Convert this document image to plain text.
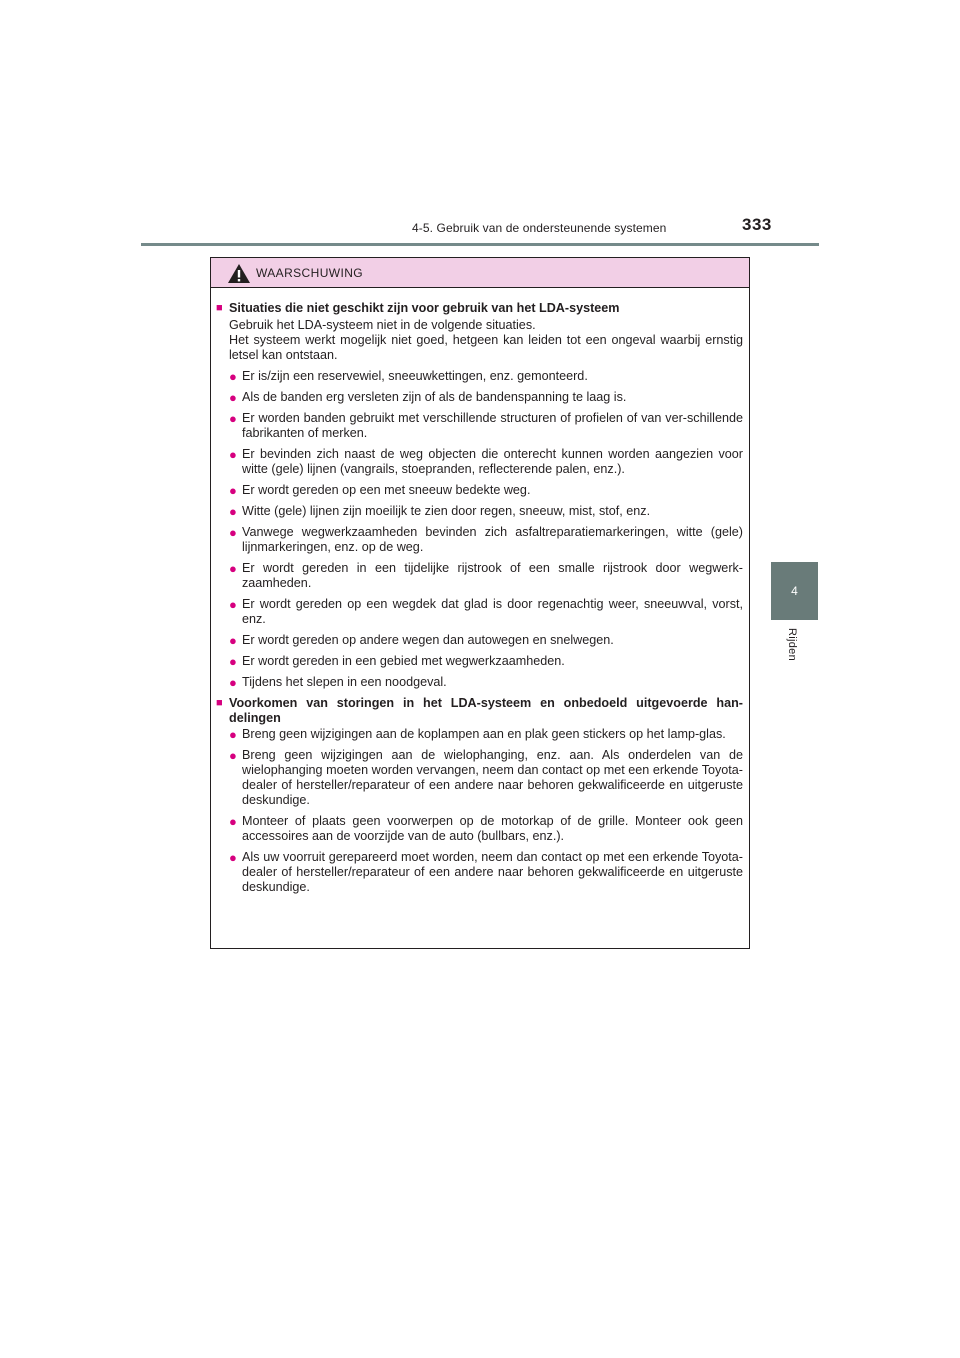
4-5. Gebruik van de ondersteunende systemen	333
4
Rijden
WAARSCHUWING
■ Situaties die niet geschikt zijn voor gebruik van het LDA-systeem
Gebruik het LDA-systeem niet in de volgende situaties.
Het systeem werkt mogelijk niet goed, hetgeen kan leiden tot een ongeval waarbij ernstig letsel kan ontstaan.
● Er is/zijn een reservewiel, sneeuwkettingen, enz. gemonteerd.
● Als de banden erg versleten zijn of als de bandenspanning te laag is.
● Er worden banden gebruikt met verschillende structuren of profielen of van ver-schillende fabrikanten of merken.
● Er bevinden zich naast de weg objecten die onterecht kunnen worden aangezien voor witte (gele) lijnen (vangrails, stoepranden, reflecterende palen, enz.).
● Er wordt gereden op een met sneeuw bedekte weg.
● Witte (gele) lijnen zijn moeilijk te zien door regen, sneeuw, mist, stof, enz.
● Vanwege wegwerkzaamheden bevinden zich asfaltreparatiemarkeringen, witte (gele) lijnmarkeringen, enz. op de weg.
● Er wordt gereden in een tijdelijke rijstrook of een smalle rijstrook door wegwerk-zaamheden.
● Er wordt gereden op een wegdek dat glad is door regenachtig weer, sneeuwval, vorst, enz.
● Er wordt gereden op andere wegen dan autowegen en snelwegen.
● Er wordt gereden in een gebied met wegwerkzaamheden.
● Tijdens het slepen in een noodgeval.
■ Voorkomen van storingen in het LDA-systeem en onbedoeld uitgevoerde han-delingen
● Breng geen wijzigingen aan de koplampen aan en plak geen stickers op het lamp-glas.
● Breng geen wijzigingen aan de wielophanging, enz. aan. Als onderdelen van de wielophanging moeten worden vervangen, neem dan contact op met een erkende Toyota-dealer of hersteller/reparateur of een andere naar behoren gekwalificeerde en uitgeruste deskundige.
● Monteer of plaats geen voorwerpen op de motorkap of de grille. Monteer ook geen accessoires aan de voorzijde van de auto (bullbars, enz.).
● Als uw voorruit gerepareerd moet worden, neem dan contact op met een erkende Toyota-dealer of hersteller/reparateur of een andere naar behoren gekwalificeerde en uitgeruste deskundige.
